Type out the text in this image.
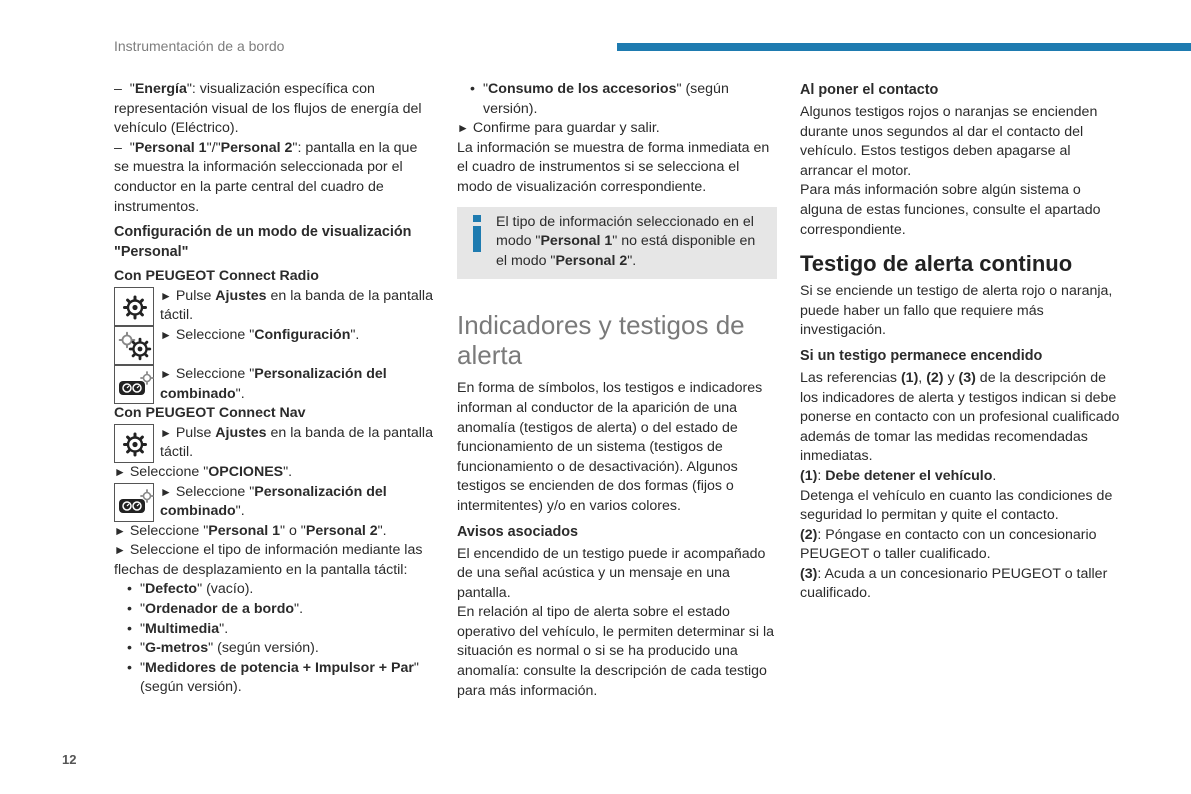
Instrumentación de a bordo

–  "Energía": visualización específica con representación visual de los flujos de energía del vehículo (Eléctrico).

–  "Personal 1"/"Personal 2": pantalla en la que se muestra la información seleccionada por el conductor en la parte central del cuadro de instrumentos.

Configuración de un modo de visualización "Personal"

Con PEUGEOT Connect Radio

► Pulse Ajustes en la banda de la pantalla táctil.

► Seleccione "Configuración".

► Seleccione "Personalización del combinado".

Con PEUGEOT Connect Nav

► Pulse Ajustes en la banda de la pantalla táctil.

► Seleccione "OPCIONES".

► Seleccione "Personalización del combinado".

► Seleccione "Personal 1" o "Personal 2".

► Seleccione el tipo de información mediante las flechas de desplazamiento en la pantalla táctil:

• "Defecto" (vacío).
• "Ordenador de a bordo".
• "Multimedia".
• "G-metros" (según versión).
• "Medidores de potencia + Impulsor + Par" (según versión).
• "Consumo de los accesorios" (según versión).

► Confirme para guardar y salir.

La información se muestra de forma inmediata en el cuadro de instrumentos si se selecciona el modo de visualización correspondiente.

El tipo de información seleccionado en el modo "Personal 1" no está disponible en el modo "Personal 2".

Indicadores y testigos de alerta

En forma de símbolos, los testigos e indicadores informan al conductor de la aparición de una anomalía (testigos de alerta) o del estado de funcionamiento de un sistema (testigos de funcionamiento o de desactivación). Algunos testigos se encienden de dos formas (fijos o intermitentes) y/o en varios colores.

Avisos asociados

El encendido de un testigo puede ir acompañado de una señal acústica y un mensaje en una pantalla.

En relación al tipo de alerta sobre el estado operativo del vehículo, le permiten determinar si la situación es normal o si se ha producido una anomalía: consulte la descripción de cada testigo para más información.

Al poner el contacto

Algunos testigos rojos o naranjas se encienden durante unos segundos al dar el contacto del vehículo. Estos testigos deben apagarse al arrancar el motor.

Para más información sobre algún sistema o alguna de estas funciones, consulte el apartado correspondiente.

Testigo de alerta continuo

Si se enciende un testigo de alerta rojo o naranja, puede haber un fallo que requiere más investigación.

Si un testigo permanece encendido

Las referencias (1), (2) y (3) de la descripción de los indicadores de alerta y testigos indican si debe ponerse en contacto con un profesional cualificado además de tomar las medidas recomendadas inmediatas.

(1): Debe detener el vehículo.

Detenga el vehículo en cuanto las condiciones de seguridad lo permitan y quite el contacto.

(2): Póngase en contacto con un concesionario PEUGEOT o taller cualificado.

(3): Acuda a un concesionario PEUGEOT o taller cualificado.

12
